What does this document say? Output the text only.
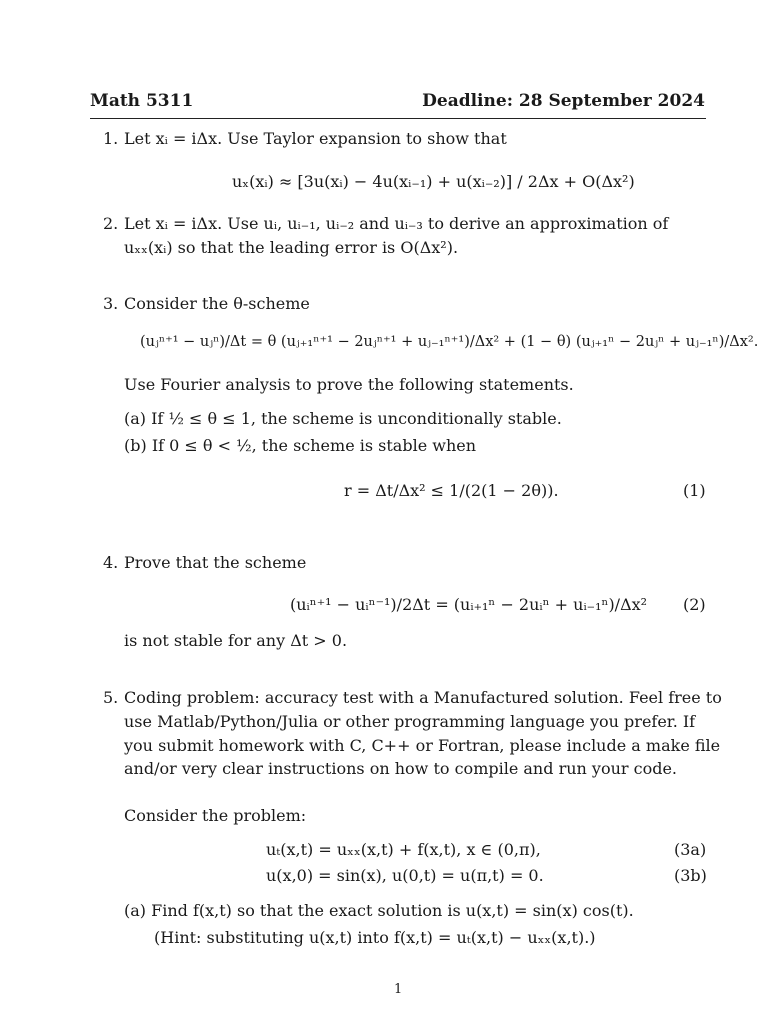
Math 5311	Deadline: 28 September 2024
1. Let xᵢ = iΔx. Use Taylor expansion to show that
uₓ(xᵢ) ≈ [3u(xᵢ) − 4u(xᵢ₋₁) + u(xᵢ₋₂)] / 2Δx + O(Δx²)
2. Let xᵢ = iΔx. Use uᵢ, uᵢ₋₁, uᵢ₋₂ and uᵢ₋₃ to derive an approximation of
uₓₓ(xᵢ) so that the leading error is O(Δx²).
3. Consider the θ-scheme
(uⱼⁿ⁺¹ − uⱼⁿ)/Δt = θ (uⱼ₊₁ⁿ⁺¹ − 2uⱼⁿ⁺¹ + uⱼ₋₁ⁿ⁺¹)/Δx² + (1 − θ) (uⱼ₊₁ⁿ − 2uⱼⁿ + uⱼ₋₁ⁿ)/Δx².
Use Fourier analysis to prove the following statements.
(a) If ½ ≤ θ ≤ 1, the scheme is unconditionally stable.
(b) If 0 ≤ θ < ½, the scheme is stable when
r = Δt/Δx² ≤ 1/(2(1 − 2θ)).	(1)
4. Prove that the scheme
(uᵢⁿ⁺¹ − uᵢⁿ⁻¹)/2Δt = (uᵢ₊₁ⁿ − 2uᵢⁿ + uᵢ₋₁ⁿ)/Δx² (2)
is not stable for any Δt > 0.
5. Coding problem: accuracy test with a Manufactured solution. Feel free to
use Matlab/Python/Julia or other programming language you prefer. If
you submit homework with C, C++ or Fortran, please include a make file
and/or very clear instructions on how to compile and run your code.
Consider the problem:
uₜ(x,t) = uₓₓ(x,t) + f(x,t), x ∈ (0,π),	(3a)
u(x,0) = sin(x), u(0,t) = u(π,t) = 0.	(3b)
(a) Find f(x,t) so that the exact solution is u(x,t) = sin(x) cos(t).
(Hint: substituting u(x,t) into f(x,t) = uₜ(x,t) − uₓₓ(x,t).)
1
